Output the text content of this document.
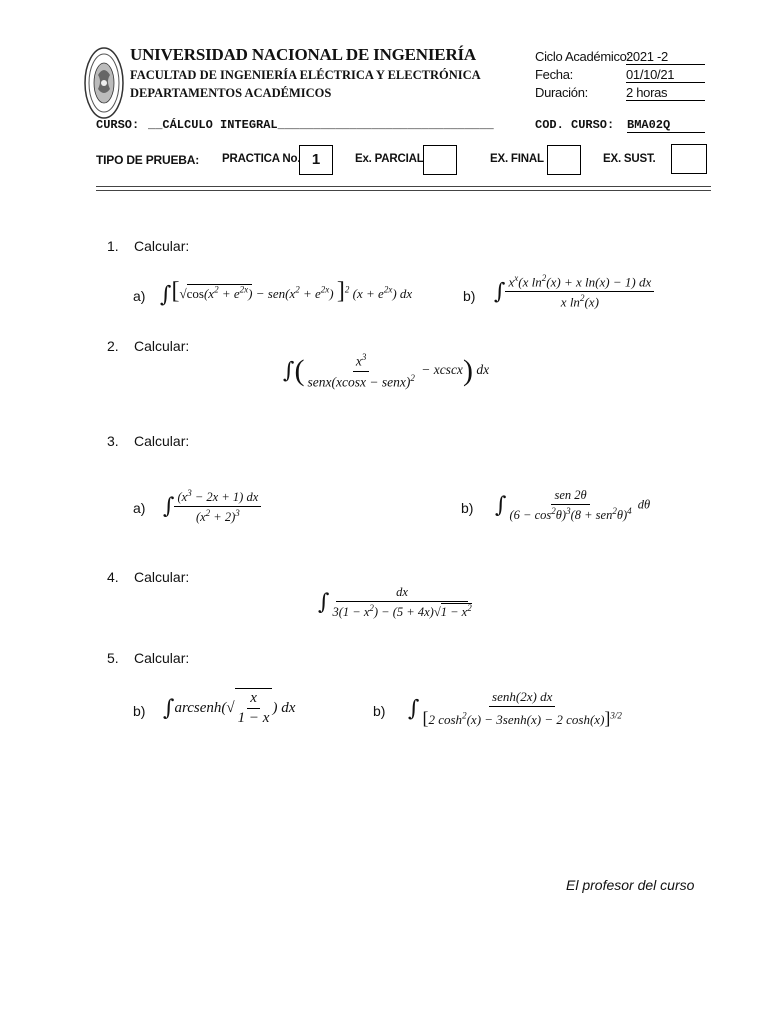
UNIVERSIDAD NACIONAL DE INGENIERÍA
FACULTAD DE INGENIERÍA ELÉCTRICA Y ELECTRÓNICA
DEPARTAMENTOS ACADÉMICOS
Ciclo Académico:
2021 -2
Fecha:	01/10/21
Duración:	2 horas
CURSO: __CÁLCULO INTEGRAL______________________________	COD. CURSO: BMA02Q
TIPO DE PRUEBA: PRACTICA No. 1	Ex. PARCIAL	EX. FINAL	EX. SUST.
1. Calcular:
a) $\int[√\cos(x^2 + e^{2x}) - sen(x^2 + e^{2x})$ ]$^2$ $(x + e^{2x})$ dx	b) ∫ $\frac{x^x(x \ln^2(x) + x \ln(x) - 1) dx}{x \ln^2(x)}$
2. Calcular:
∫( $\frac{x^3}{senx(xcosx - senx)^2} - xcscx$) dx
3. Calcular:
a) ∫ $\frac{(x^3 - 2x + 1) dx}{(x^2 + 2)^3}$	b) ∫ $\frac{\text{sen 2θ}}{(6 - \cos^2\theta)^3(8 + sen^2\theta)^4}$ dθ
4. Calcular:
∫ $\frac{dx}{3(1 - x^2) - (5 + 4x)√1 - x^2}$
5. Calcular:
b) ∫arcsenh(√ $\frac{x}{1 - x}$ ) dx	b) ∫ $\frac{\text{senh(2x) dx}}{[2 \cosh^2(x) - 3senh(x) - 2 \cosh(x)]^{3/2}}$
El profesor del curso
